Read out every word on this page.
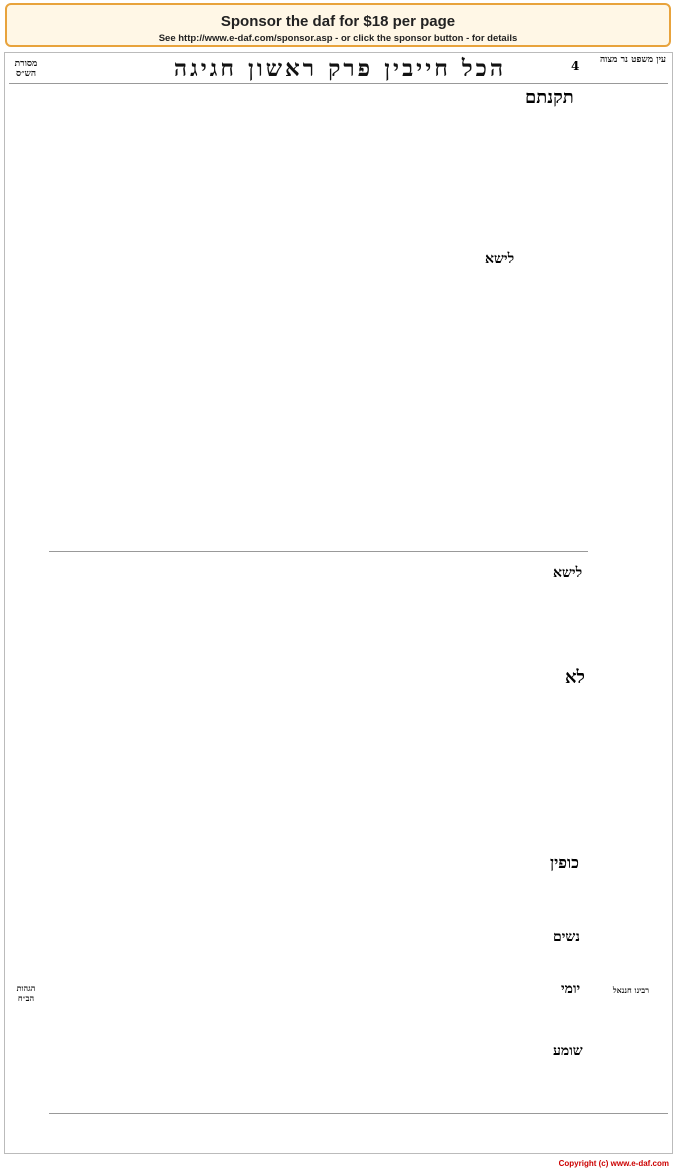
Sponsor the daf for $18 per page
See http://www.e-daf.com/sponsor.asp - or click the sponsor button - for details
מסורת הש״ס	הכל חייבין פרק ראשון חגיגה	4	עין משפט נר מצוה
תקנתם
לישא
לישא
לא
כופין
נשים
יומי
שומע
רבינו חננאל
הגהות הב״ח
Copyright (c) www.e-daf.com
